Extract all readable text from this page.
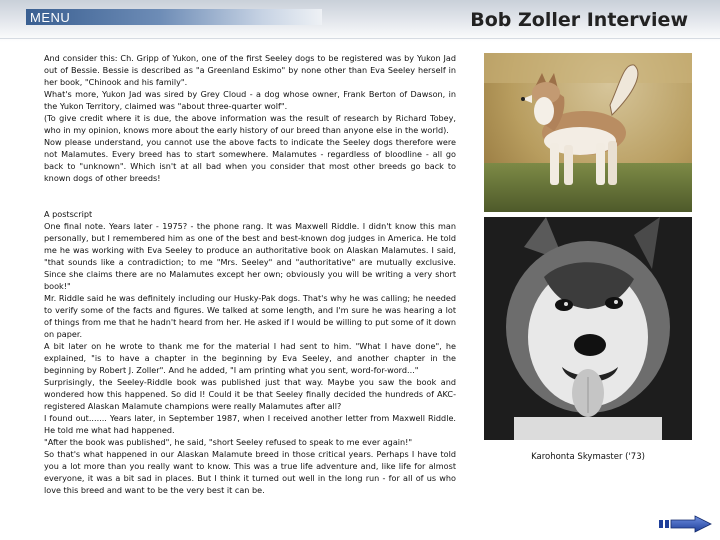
MENU	Bob Zoller Interview
And consider this: Ch. Gripp of Yukon, one of the first Seeley dogs to be registered was by Yukon Jad out of Bessie. Bessie is described as "a Greenland Eskimo" by none other than Eva Seeley herself in her book, "Chinook and his family".
What's more, Yukon Jad was sired by Grey Cloud - a dog whose owner, Frank Berton of Dawson, in the Yukon Territory, claimed was "about three-quarter wolf".
(To give credit where it is due, the above information was the result of research by Richard Tobey, who in my opinion, knows more about the early history of our breed than anyone else in the world).
Now please understand, you cannot use the above facts to indicate the Seeley dogs therefore were not Malamutes. Every breed has to start somewhere. Malamutes - regardless of bloodline - all go back to "unknown". Which isn't at all bad when you consider that most other breeds go back to known dogs of other breeds!
A postscript
One final note. Years later - 1975? - the phone rang. It was Maxwell Riddle. I didn't know this man personally, but I remembered him as one of the best and best-known dog judges in America. He told me he was working with Eva Seeley to produce an authoritative book on Alaskan Malamutes. I said, "that sounds like a contradiction; to me "Mrs. Seeley" and "authoritative" are mutually exclusive. Since she claims there are no Malamutes except her own; obviously you will be writing a very short book!"
Mr. Riddle said he was definitely including our Husky-Pak dogs. That's why he was calling; he needed to verify some of the facts and figures. We talked at some length, and I'm sure he was hearing a lot of things from me that he hadn't heard from her. He asked if I would be willing to put some of it down on paper.
A bit later on he wrote to thank me for the material I had sent to him. "What I have done", he explained, "is to have a chapter in the beginning by Eva Seeley, and another chapter in the beginning by Robert J. Zoller". And he added, "I am printing what you sent, word-for-word..."
Surprisingly, the Seeley-Riddle book was published just that way. Maybe you saw the book and wondered how this happened. So did I! Could it be that Seeley finally decided the hundreds of AKC-registered Alaskan Malamute champions were really Malamutes after all?
I found out....... Years later, in September 1987, when I received another letter from Maxwell Riddle. He told me what had happened.
"After the book was published", he said, "short Seeley refused to speak to me ever again!"
So that's what happened in our Alaskan Malamute breed in those critical years. Perhaps I have told you a lot more than you really want to know. This was a true life adventure and, like life for almost everyone, it was a bit sad in places. But I think it turned out well in the long run - for all of us who love this breed and want to be the very best it can be.
Karohonta Skymaster ('73)
